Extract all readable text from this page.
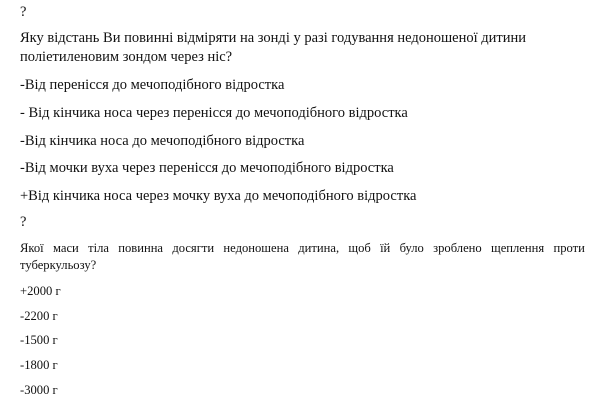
?

Яку відстань Ви повинні відміряти на зонді у разі годування недоношеної дитини

поліетиленовим зондом через ніс?

-Від перенісся до мечоподібного відростка

- Від кінчика носа через перенісся до мечоподібного відростка

-Від кінчика носа до мечоподібного відростка

-Від мочки вуха через перенісся до мечоподібного відростка

+Від кінчика носа через мочку вуха до мечоподібного відростка

?

Якої маси тіла повинна досягти недоношена дитина, щоб їй було зроблено щеплення проти

туберкульозу?

+2000 г

-2200 г

-1500 г

-1800 г

-3000 г
